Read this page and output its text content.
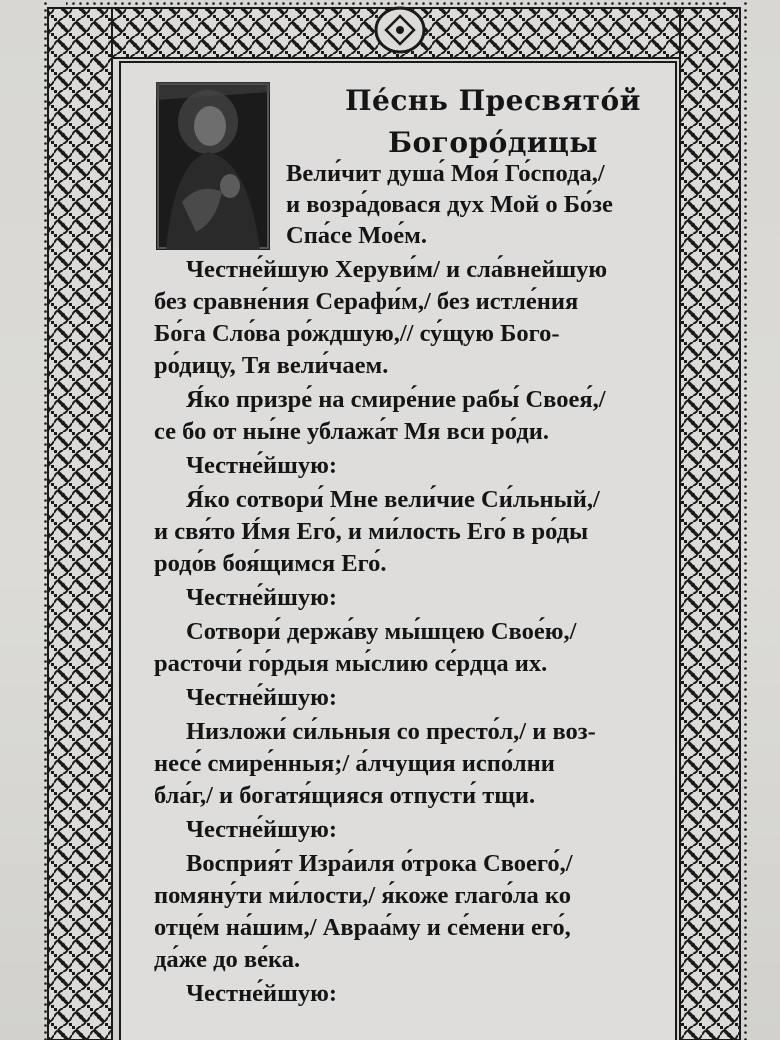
Пе́снь Пресвято́й
Богоро́дицы
Вели́чит душа́ Моя́ Го́спода,/
и возра́довася дух Мой о Бо́зе
Спа́се Мое́м.
Честне́йшую Херуви́м/ и сла́внейшую
без сравне́ния Серафи́м,/ без истле́ния
Бо́га Сло́ва ро́ждшую,// су́щую Бого-
ро́дицу, Тя вели́чаем.
Я́ко призре́ на смире́ние рабы́ Своея́,/
се бо от ны́не ублажа́т Мя вси ро́ди.
Честне́йшую:
Я́ко сотвори́ Мне вели́чие Си́льный,/
и свя́то И́мя Его́, и ми́лость Его́ в ро́ды
родо́в боя́щимся Его́.
Честне́йшую:
Сотвори́ держа́ву мы́шцею Свое́ю,/
расточи́ го́рдыя мы́слию се́рдца их.
Честне́йшую:
Низложи́ си́льныя со престо́л,/ и воз-
несе́ смире́нныя;/ а́лчущия испо́лни
бла́г,/ и богатя́щияся отпусти́ тщи.
Честне́йшую:
Восприя́т Изра́иля о́трока Своего́,/
помяну́ти ми́лости,/ я́коже глаго́ла ко
отце́м на́шим,/ Авраа́му и се́мени его́,
да́же до ве́ка.
Честне́йшую:
